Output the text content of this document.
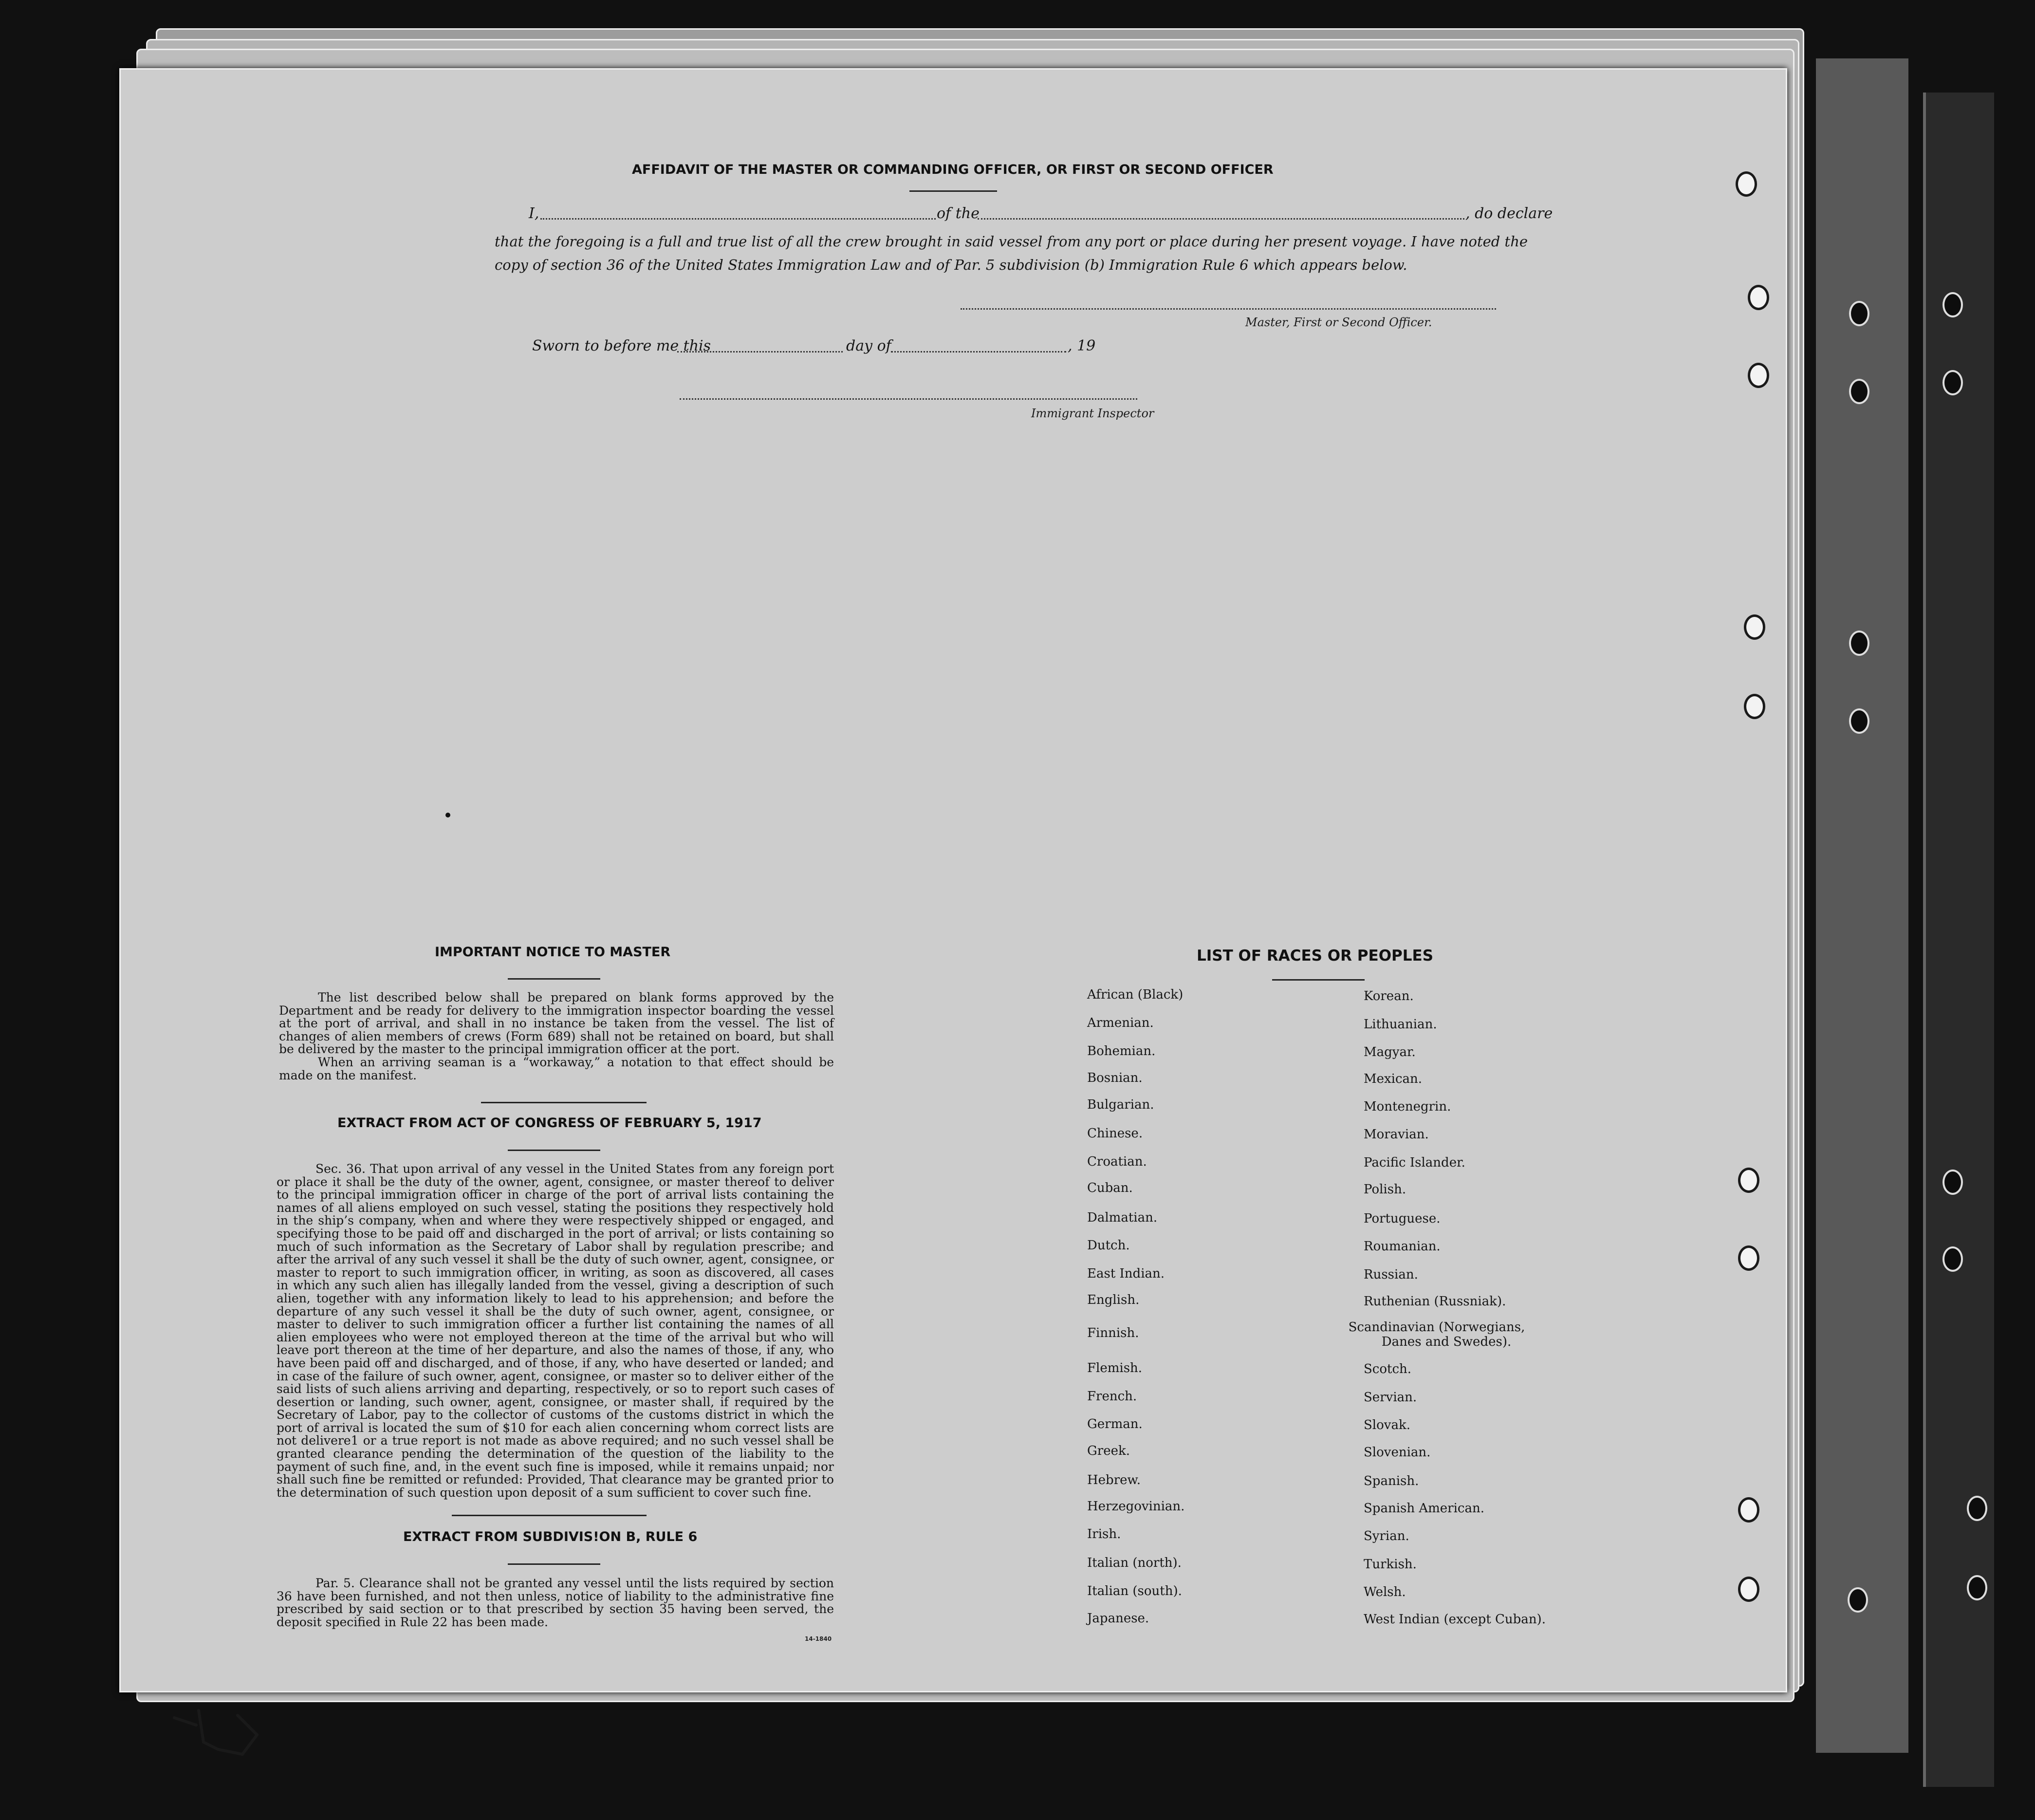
AFFIDAVIT OF THE MASTER OR COMMANDING OFFICER, OR FIRST OR SECOND OFFICER
I,	of the	, do declare
that the foregoing is a full and true list of all the crew brought in said vessel from any port or place during her present voyage. I have noted the
copy of section 36 of the United States Immigration Law and of Par. 5 subdivision (b) Immigration Rule 6 which appears below.
Master, First or Second Officer.
Sworn to before me this	day of	, 19
Immigrant Inspector
IMPORTANT NOTICE TO MASTER

The list described below shall be prepared on blank forms approved by the Department and be ready for delivery to the immigration inspector boarding the vessel at the port of arrival, and shall in no instance be taken from the vessel. The list of changes of alien members of crews (Form 689) shall not be retained on board, but shall be delivered by the master to the principal immigration officer at the port.

When an arriving seaman is a “workaway,” a notation to that effect should be made on the manifest.

EXTRACT FROM ACT OF CONGRESS OF FEBRUARY 5, 1917

Sec. 36. That upon arrival of any vessel in the United States from any foreign port or place it shall be the duty of the owner, agent, consignee, or master thereof to deliver to the principal immigration officer in charge of the port of arrival lists containing the names of all aliens employed on such vessel, stating the positions they respectively hold in the ship’s company, when and where they were respectively shipped or engaged, and specifying those to be paid off and discharged in the port of arrival; or lists containing so much of such information as the Secretary of Labor shall by regulation prescribe; and after the arrival of any such vessel it shall be the duty of such owner, agent, consignee, or master to report to such immigration officer, in writing, as soon as discovered, all cases in which any such alien has illegally landed from the vessel, giving a description of such alien, together with any information likely to lead to his apprehension; and before the departure of any such vessel it shall be the duty of such owner, agent, consignee, or master to deliver to such immigration officer a further list containing the names of all alien employees who were not employed thereon at the time of the arrival but who will leave port thereon at the time of her departure, and also the names of those, if any, who have been paid off and discharged, and of those, if any, who have deserted or landed; and in case of the failure of such owner, agent, consignee, or master so to deliver either of the said lists of such aliens arriving and departing, respectively, or so to report such cases of desertion or landing, such owner, agent, consignee, or master shall, if required by the Secretary of Labor, pay to the collector of customs of the customs district in which the port of arrival is located the sum of $10 for each alien concerning whom correct lists are not delivere1 or a true report is not made as above required; and no such vessel shall be granted clearance pending the determination of the question of the liability to the payment of such fine, and, in the event such fine is imposed, while it remains unpaid; nor shall such fine be remitted or refunded: Provided, That clearance may be granted prior to the determination of such question upon deposit of a sum sufficient to cover such fine.

EXTRACT FROM SUBDIVIS!ON B, RULE 6

Par. 5. Clearance shall not be granted any vessel until the lists required by section 36 have been furnished, and not then unless, notice of liability to the administrative fine prescribed by said section or to that prescribed by section 35 having been served, the deposit specified in Rule 22 has been made.

14-1840
LIST OF RACES OR PEOPLES
African (Black)
Armenian.
Bohemian.
Bosnian.
Bulgarian.
Chinese.
Croatian.
Cuban.
Dalmatian.
Dutch.
East Indian.
English.
Finnish.
Flemish.
French.
German.
Greek.
Hebrew.
Herzegovinian.
Irish.
Italian (north).
Italian (south).
Japanese.
Korean.
Lithuanian.
Magyar.
Mexican.
Montenegrin.
Moravian.
Pacific Islander.
Polish.
Portuguese.
Roumanian.
Russian.
Ruthenian (Russniak).
Scandinavian (Norwegians, Danes and Swedes).
Scotch.
Servian.
Slovak.
Slovenian.
Spanish.
Spanish American.
Syrian.
Turkish.
Welsh.
West Indian (except Cuban).
